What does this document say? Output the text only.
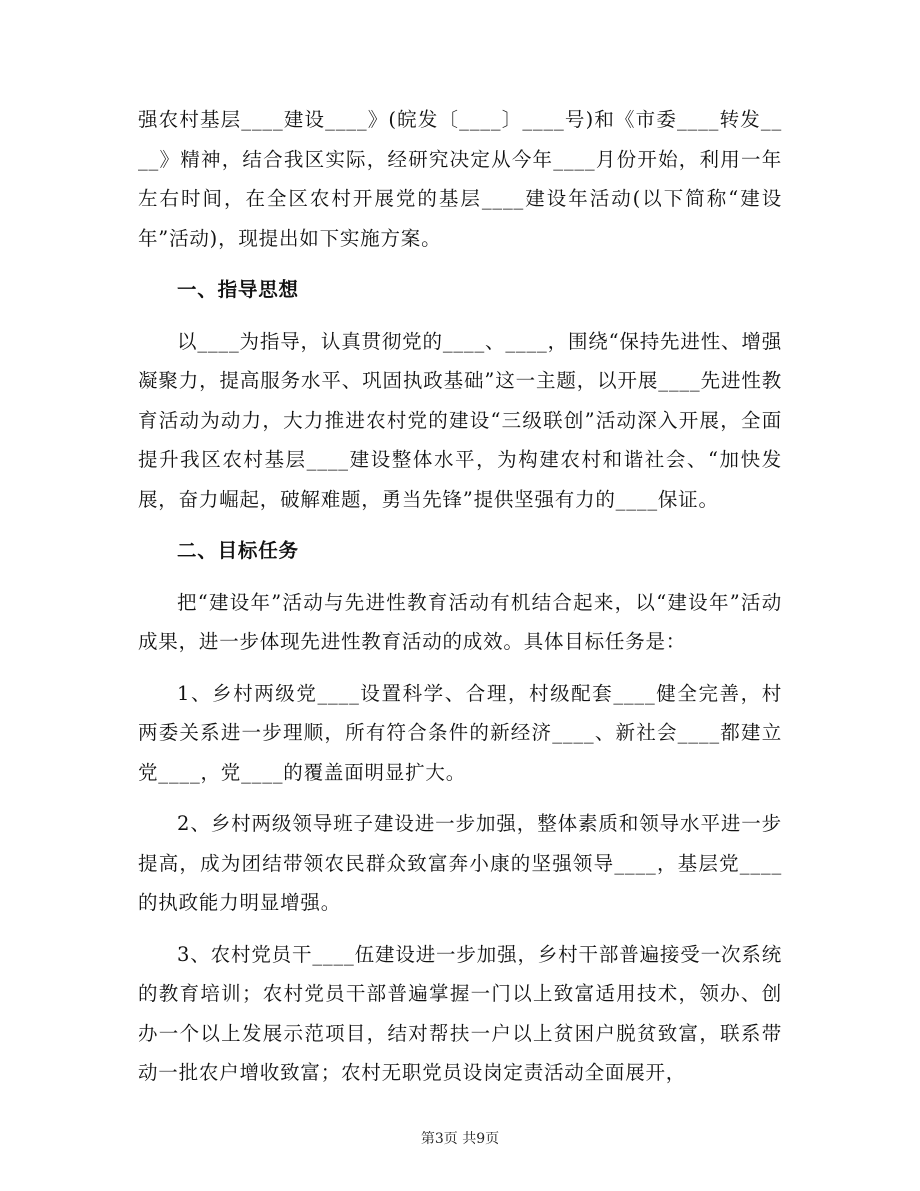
强农村基层____建设____》(皖发〔____〕____号)和《市委____转发____》精神，结合我区实际，经研究决定从今年____月份开始，利用一年左右时间，在全区农村开展党的基层____建设年活动(以下简称“建设年”活动)，现提出如下实施方案。

一、指导思想

以____为指导，认真贯彻党的____、____，围绕“保持先进性、增强凝聚力，提高服务水平、巩固执政基础”这一主题，以开展____先进性教育活动为动力，大力推进农村党的建设“三级联创”活动深入开展，全面提升我区农村基层____建设整体水平，为构建农村和谐社会、“加快发展，奋力崛起，破解难题，勇当先锋”提供坚强有力的____保证。

二、目标任务

把“建设年”活动与先进性教育活动有机结合起来，以“建设年”活动成果，进一步体现先进性教育活动的成效。具体目标任务是：

1、乡村两级党____设置科学、合理，村级配套____健全完善，村两委关系进一步理顺，所有符合条件的新经济____、新社会____都建立党____，党____的覆盖面明显扩大。

2、乡村两级领导班子建设进一步加强，整体素质和领导水平进一步提高，成为团结带领农民群众致富奔小康的坚强领导____，基层党____的执政能力明显增强。

3、农村党员干____伍建设进一步加强，乡村干部普遍接受一次系统的教育培训；农村党员干部普遍掌握一门以上致富适用技术，领办、创办一个以上发展示范项目，结对帮扶一户以上贫困户脱贫致富，联系带动一批农户增收致富；农村无职党员设岗定责活动全面展开，

第3页 共9页
